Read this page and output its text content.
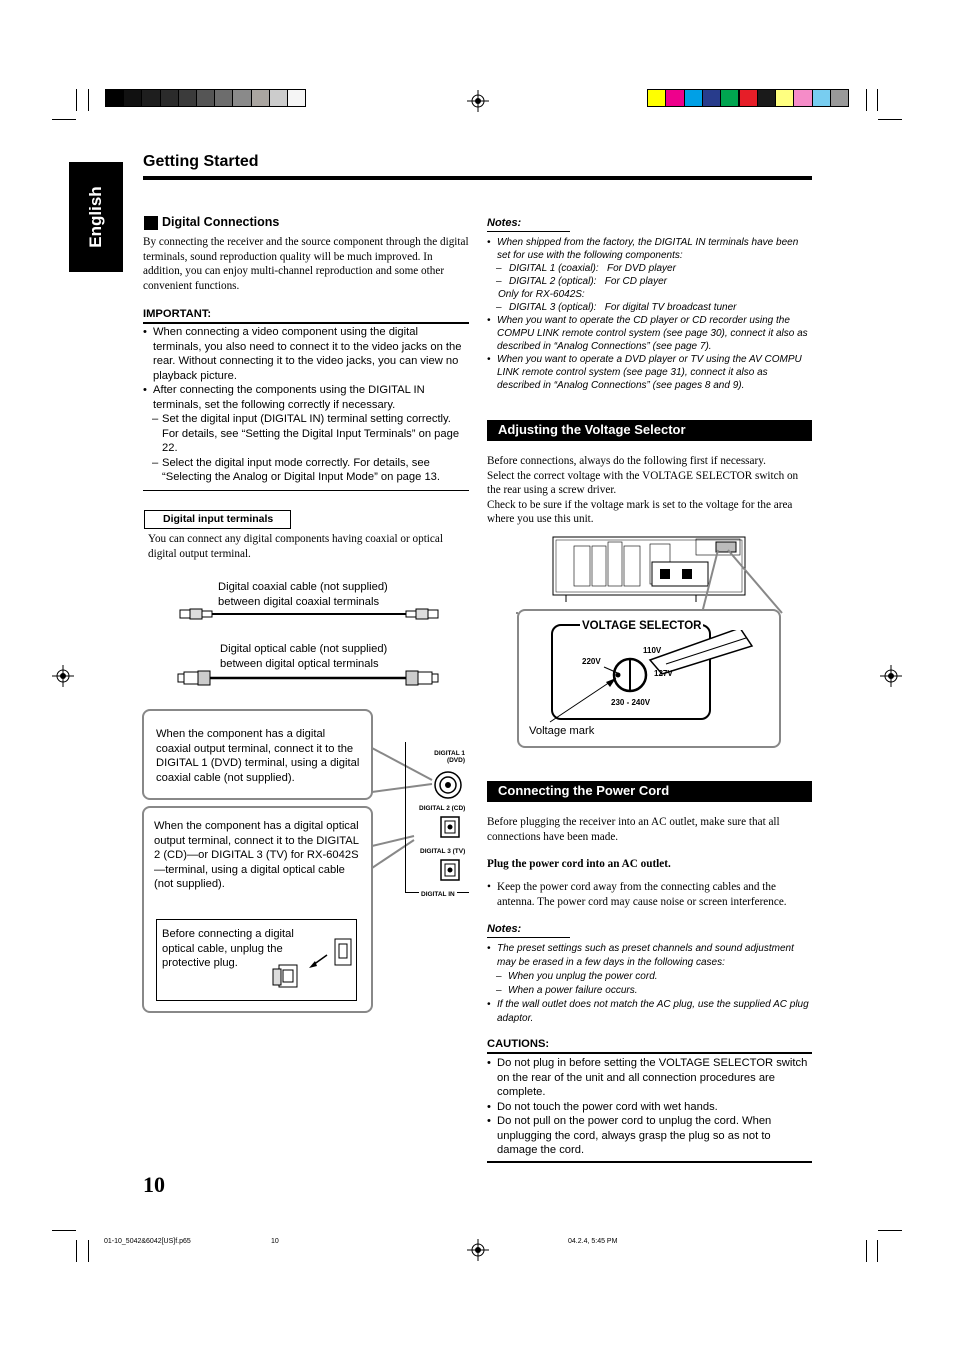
English
Getting Started
Digital Connections
By connecting the receiver and the source component through the digital terminals, sound reproduction quality will be much improved. In addition, you can enjoy multi-channel reproduction and some other convenient functions.
IMPORTANT:
• When connecting a video component using the digital terminals, you also need to connect it to the video jacks on the rear. Without connecting it to the video jacks, you can view no playback picture.
• After connecting the components using the DIGITAL IN terminals, set the following correctly if necessary.
– Set the digital input (DIGITAL IN) terminal setting correctly. For details, see “Setting the Digital Input Terminals” on page 22.
– Select the digital input mode correctly. For details, see “Selecting the Analog or Digital Input Mode” on page 13.
Digital input terminals
You can connect any digital components having coaxial or optical digital output terminal.
Digital coaxial cable (not supplied)
between digital coaxial terminals
Digital optical cable (not supplied)
between digital optical terminals
When the component has a digital coaxial output terminal, connect it to the DIGITAL 1 (DVD) terminal, using a digital coaxial cable (not supplied).
When the component has a digital optical output terminal, connect it to the DIGITAL 2 (CD)—or DIGITAL 3 (TV) for RX-6042S—terminal, using a digital optical cable (not supplied).
Before connecting a digital optical cable, unplug the protective plug.
DIGITAL 1
(DVD)
DIGITAL 2 (CD)
DIGITAL 3 (TV)
DIGITAL IN
Notes:
• When shipped from the factory, the DIGITAL IN terminals have been set for use with the following components:
– DIGITAL 1 (coaxial):   For DVD player
– DIGITAL 2 (optical):   For CD player
Only for RX-6042S:
– DIGITAL 3 (optical):   For digital TV broadcast tuner
• When you want to operate the CD player or CD recorder using the COMPU LINK remote control system (see page 30), connect it also as described in “Analog Connections” (see page 7).
• When you want to operate a DVD player or TV using the AV COMPU LINK remote control system (see page 31), connect it also as described in “Analog Connections” (see pages 8 and 9).
Adjusting the Voltage Selector
Before connections, always do the following first if necessary.
Select the correct voltage with the VOLTAGE SELECTOR switch on the rear using a screw driver.
Check to be sure if the voltage mark is set to the voltage for the area where you use this unit.
VOLTAGE SELECTOR
110V
220V
127V
230 - 240V
Voltage mark
Connecting the Power Cord
Before plugging the receiver into an AC outlet, make sure that all connections have been made.
Plug the power cord into an AC outlet.
• Keep the power cord away from the connecting cables and the antenna. The power cord may cause noise or screen interference.
Notes:
• The preset settings such as preset channels and sound adjustment may be erased in a few days in the following cases:
– When you unplug the power cord.
– When a power failure occurs.
• If the wall outlet does not match the AC plug, use the supplied AC plug adaptor.
CAUTIONS:
• Do not plug in before setting the VOLTAGE SELECTOR switch on the rear of the unit and all connection procedures are complete.
• Do not touch the power cord with wet hands.
• Do not pull on the power cord to unplug the cord. When unplugging the cord, always grasp the plug so as not to damage the cord.
10
01-10_5042&6042[US]f.p65	10	04.2.4, 5:45 PM
